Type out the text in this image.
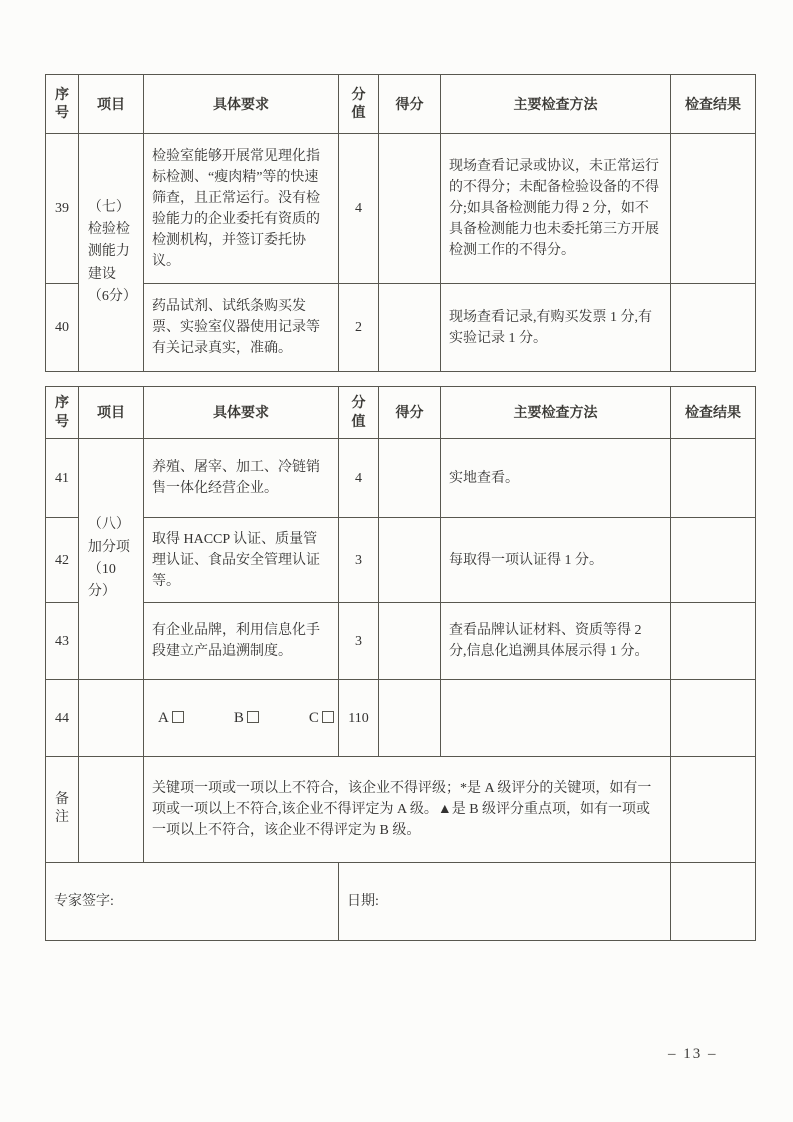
序号	项目	具体要求	分值	得分	主要检查方法	检查结果
39	（七）检验检测能力建设（6分）	检验室能够开展常见理化指标检测、“瘦肉精”等的快速筛查，且正常运行。没有检验能力的企业委托有资质的检测机构，并签订委托协议。	4		现场查看记录或协议，未正常运行的不得分；未配备检验设备的不得分;如具备检测能力得 2 分，如不具备检测能力也未委托第三方开展检测工作的不得分。	
40		药品试剂、试纸条购买发票、实验室仪器使用记录等有关记录真实，准确。	2		现场查看记录,有购买发票 1 分,有实验记录 1 分。	
序号	项目	具体要求	分值	得分	主要检查方法	检查结果
41	（八）加分项（10分）	养殖、屠宰、加工、冷链销售一体化经营企业。	4		实地查看。	
42		取得 HACCP 认证、质量管理认证、食品安全管理认证等。	3		每取得一项认证得 1 分。	
43		有企业品牌，利用信息化手段建立产品追溯制度。	3		查看品牌认证材料、资质等得 2 分,信息化追溯具体展示得 1 分。	
44		A B C	110			
备注		关键项一项或一项以上不符合，该企业不得评级；*是 A 级评分的关键项，如有一项或一项以上不符合,该企业不得评定为 A 级。▲是 B 级评分重点项，如有一项或一项以上不符合，该企业不得评定为 B 级。				
专家签字:			日期:			
– 13 –
